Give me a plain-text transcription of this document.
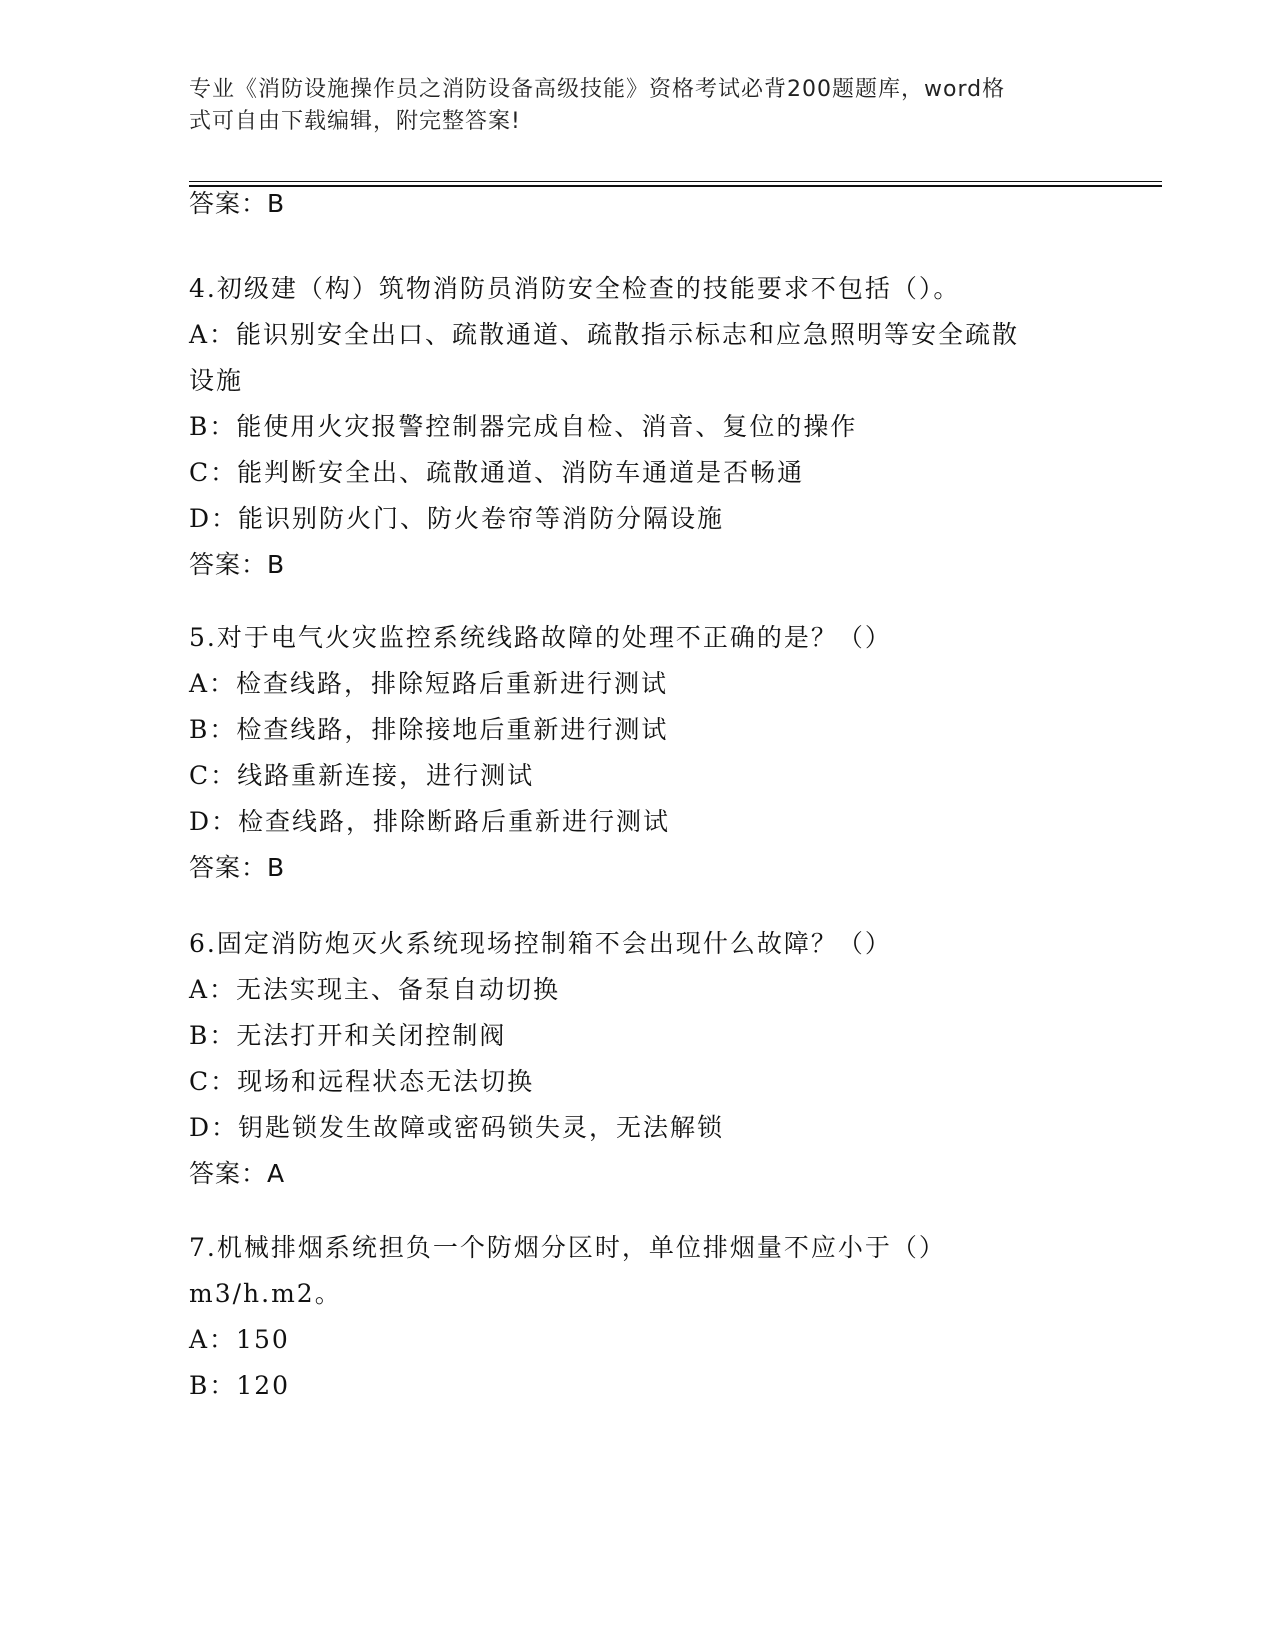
专业《消防设施操作员之消防设备高级技能》资格考试必背200题题库，word格
式可自由下载编辑，附完整答案!
答案：B
4.初级建（构）筑物消防员消防安全检查的技能要求不包括（）。
A：能识别安全出口、疏散通道、疏散指示标志和应急照明等安全疏散
设施
B：能使用火灾报警控制器完成自检、消音、复位的操作
C：能判断安全出、疏散通道、消防车通道是否畅通
D：能识别防火门、防火卷帘等消防分隔设施
答案：B
5.对于电气火灾监控系统线路故障的处理不正确的是？（）
A：检查线路，排除短路后重新进行测试
B：检查线路，排除接地后重新进行测试
C：线路重新连接，进行测试
D：检查线路，排除断路后重新进行测试
答案：B
6.固定消防炮灭火系统现场控制箱不会出现什么故障？（）
A：无法实现主、备泵自动切换
B：无法打开和关闭控制阀
C：现场和远程状态无法切换
D：钥匙锁发生故障或密码锁失灵，无法解锁
答案：A
7.机械排烟系统担负一个防烟分区时，单位排烟量不应小于（）
m3/h.m2。
A：150
B：120
